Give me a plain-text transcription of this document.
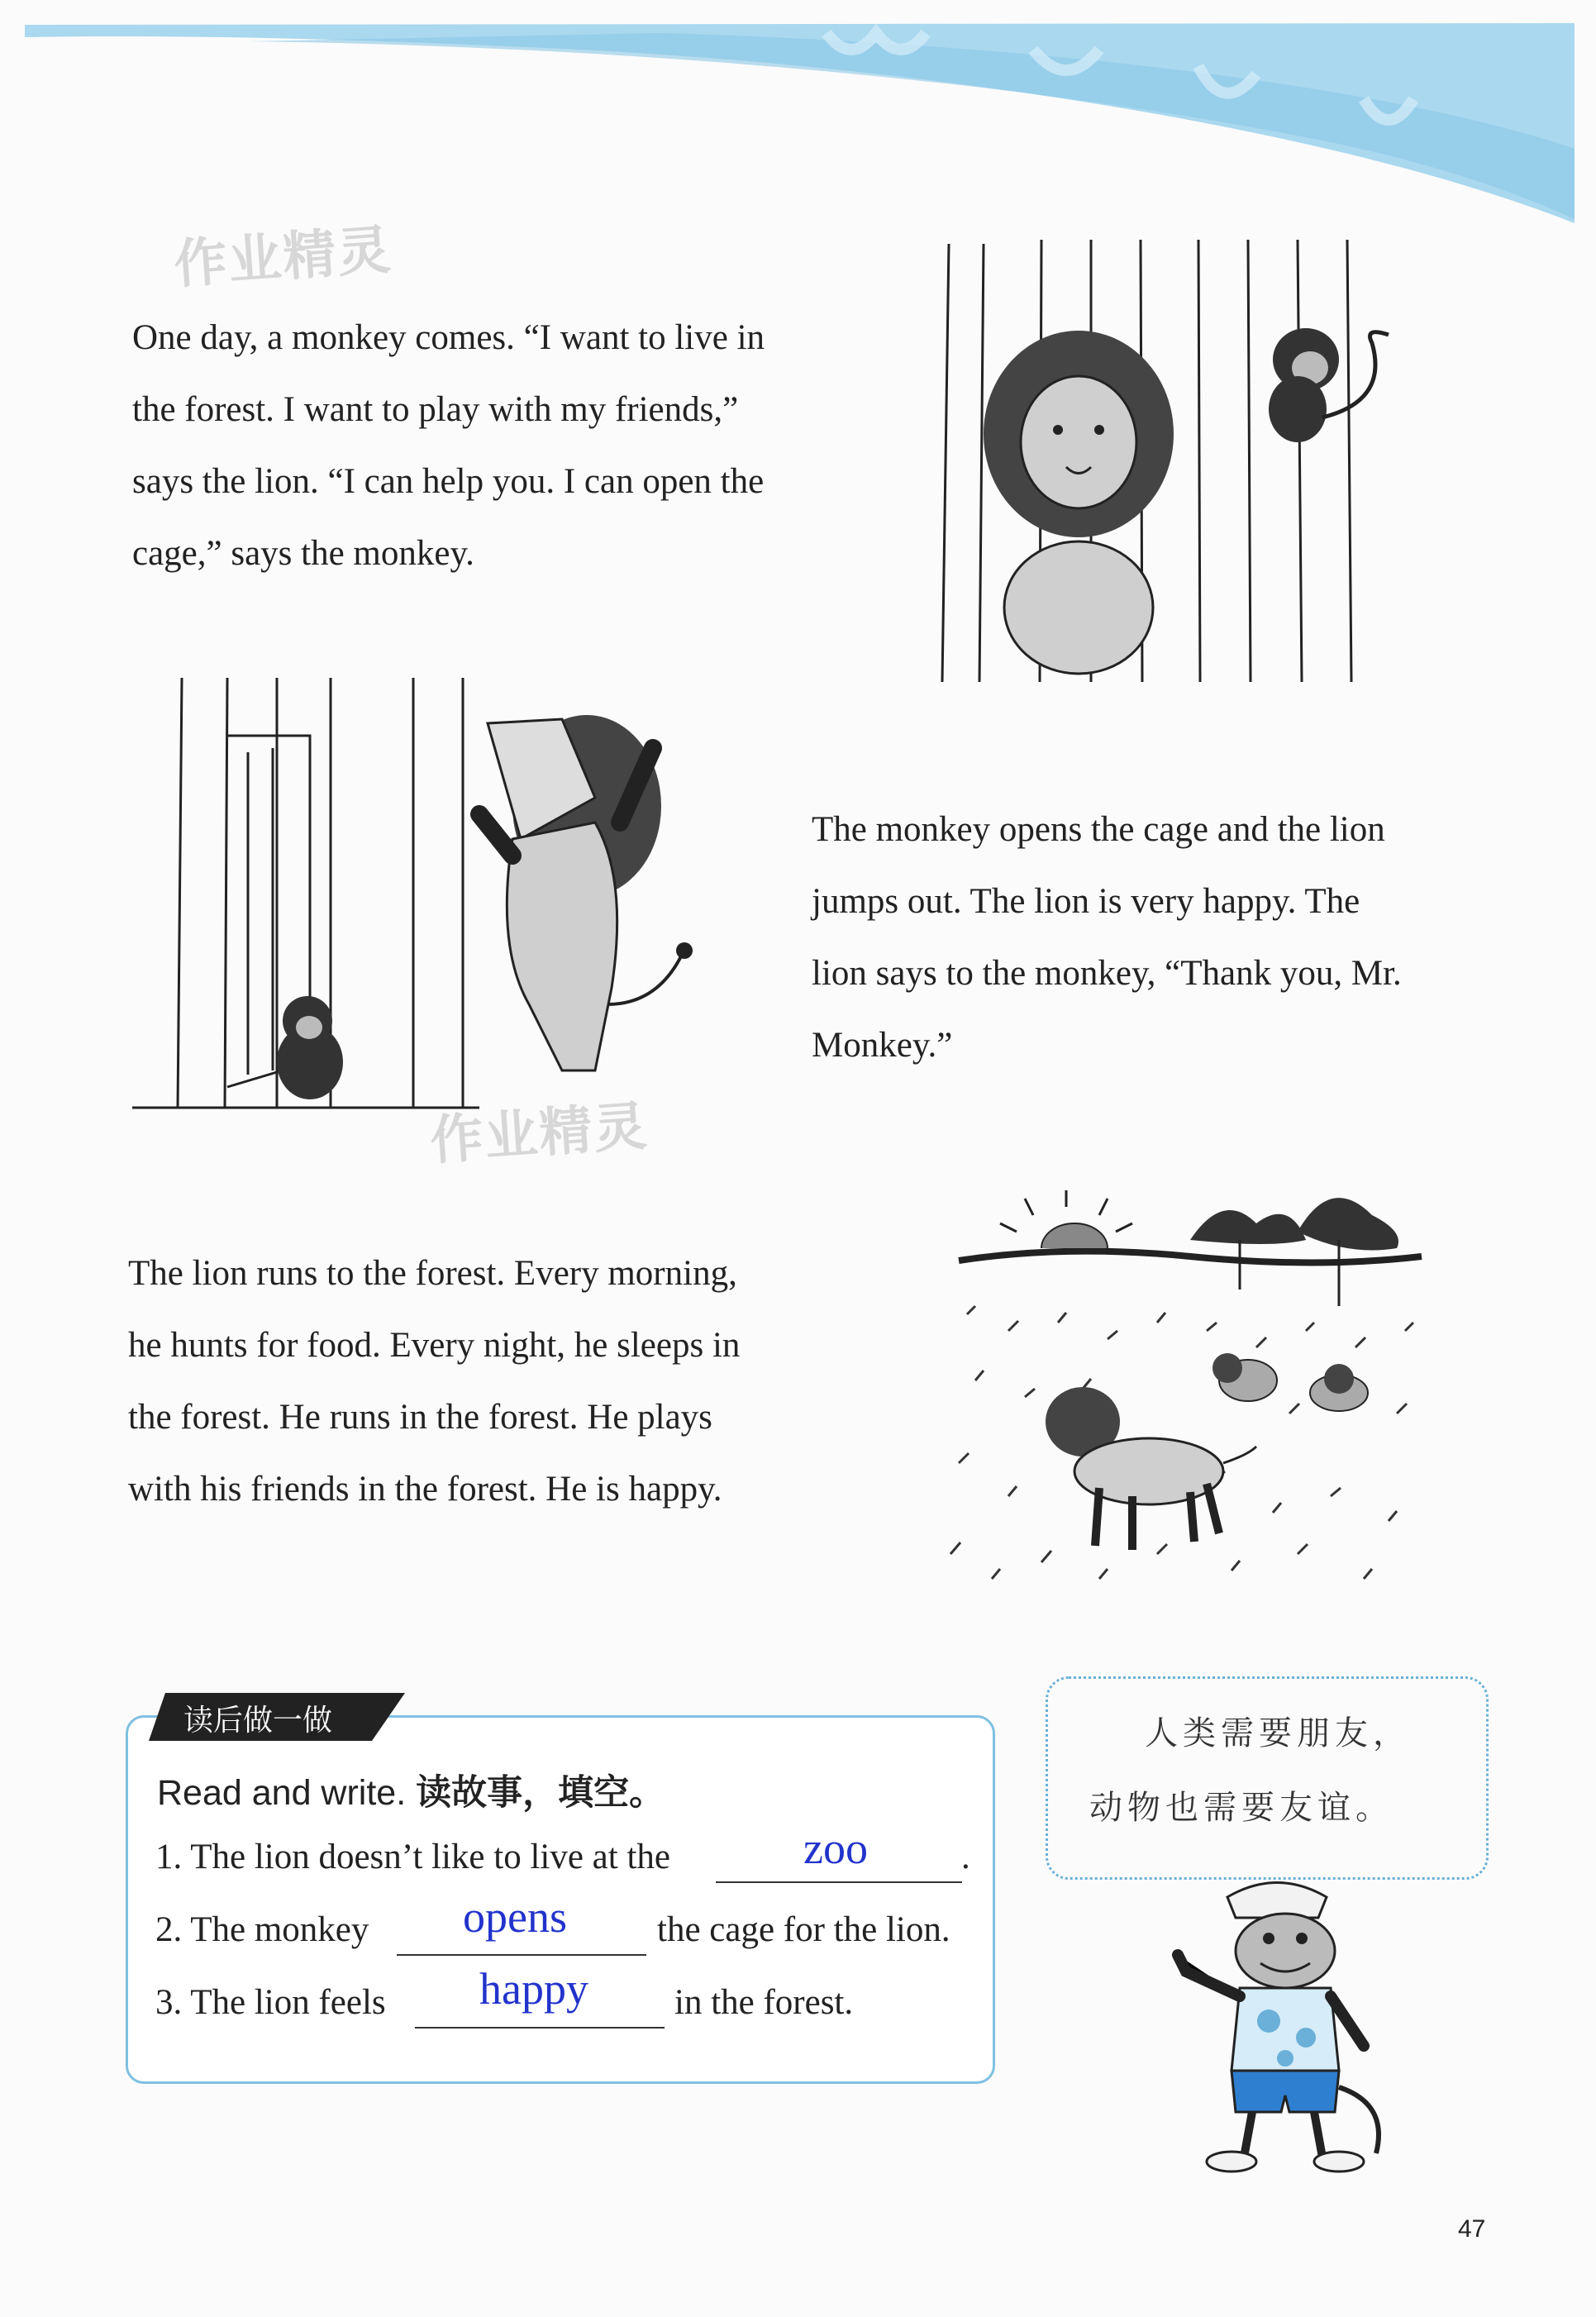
作业精灵
作业精灵
One day, a monkey comes. “I want to live in
the forest. I want to play with my friends,”
says the lion. “I can help you. I can open the
cage,” says the monkey.
The monkey opens the cage and the lion
jumps out. The lion is very happy. The
lion says to the monkey, “Thank you, Mr.
Monkey.”
The lion runs to the forest. Every morning,
he hunts for food. Every night, he sleeps in
the forest. He runs in the forest. He plays
with his friends in the forest. He is happy.
读后做一做
Read and write. 读故事，填空。
1. The lion doesn’t like to live at the	zoo	.
2. The monkey opens	the cage for the lion.
3. The lion feels happy in the forest.
人类需要朋友，
动物也需要友谊。
47
